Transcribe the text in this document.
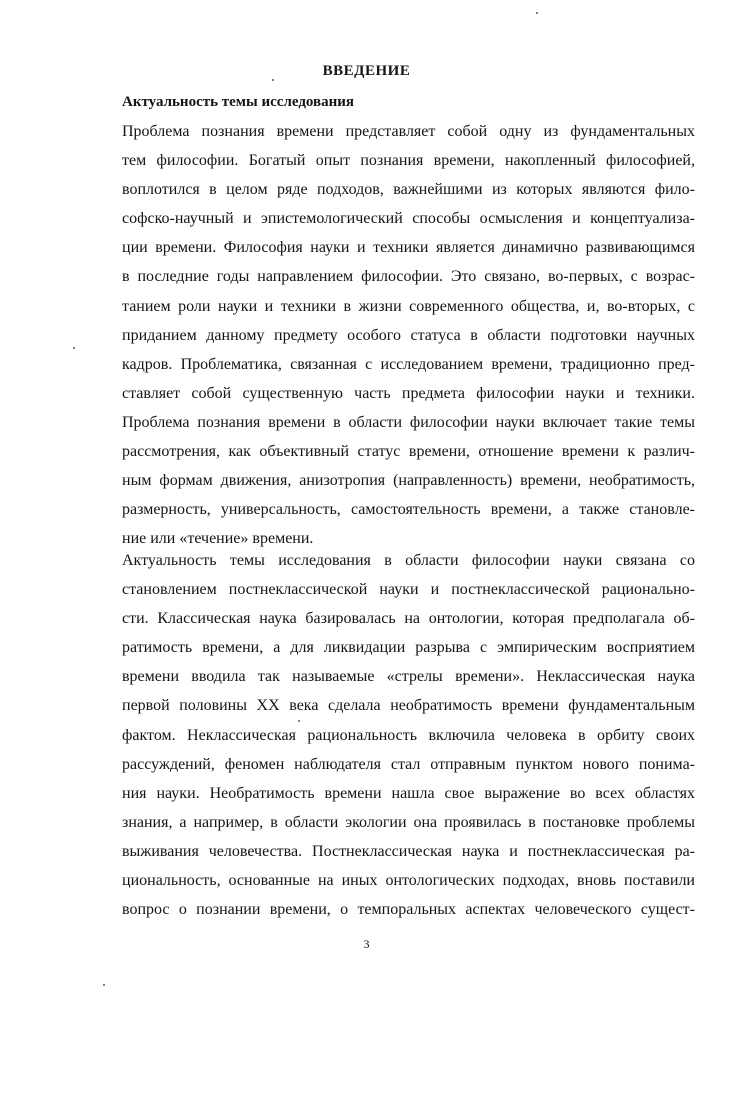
ВВЕДЕНИЕ
Актуальность темы исследования
Проблема познания времени представляет собой одну из фундаментальных
тем философии. Богатый опыт познания времени, накопленный философией,
воплотился в целом ряде подходов, важнейшими из которых являются фило-
софско-научный и эпистемологический способы осмысления и концептуализа-
ции времени. Философия науки и техники является динамично развивающимся
в последние годы направлением философии. Это связано, во-первых, с возрас-
танием роли науки и техники в жизни современного общества, и, во-вторых, с
приданием данному предмету особого статуса в области подготовки научных
кадров. Проблематика, связанная с исследованием времени, традиционно пред-
ставляет собой существенную часть предмета философии науки и техники.
Проблема познания времени в области философии науки включает такие темы
рассмотрения, как объективный статус времени, отношение времени к различ-
ным формам движения, анизотропия (направленность) времени, необратимость,
размерность, универсальность, самостоятельность времени, а также становле-
ние или «течение» времени.
Актуальность темы исследования в области философии науки связана со
становлением постнеклассической науки и постнеклассической рациональнo-
сти. Классическая наука базировалась на онтологии, которая предполагала об-
ратимость времени, а для ликвидации разрыва с эмпирическим восприятием
времени вводила так называемые «стрелы времени». Неклассическая наука
первой половины XX века сделала необратимость времени фундаментальным
фактом. Неклассическая рациональность включила человека в орбиту своих
рассуждений, феномен наблюдателя стал отправным пунктом нового понима-
ния науки. Необратимость времени нашла свое выражение во всех областях
знания, а например, в области экологии она проявилась в постановке проблемы
выживания человечества. Постнеклассическая наука и постнеклассическая ра-
циональность, основанные на иных онтологических подходах, вновь поставили
вопрос о познании времени, о темпоральных аспектах человеческого сущест-
3
